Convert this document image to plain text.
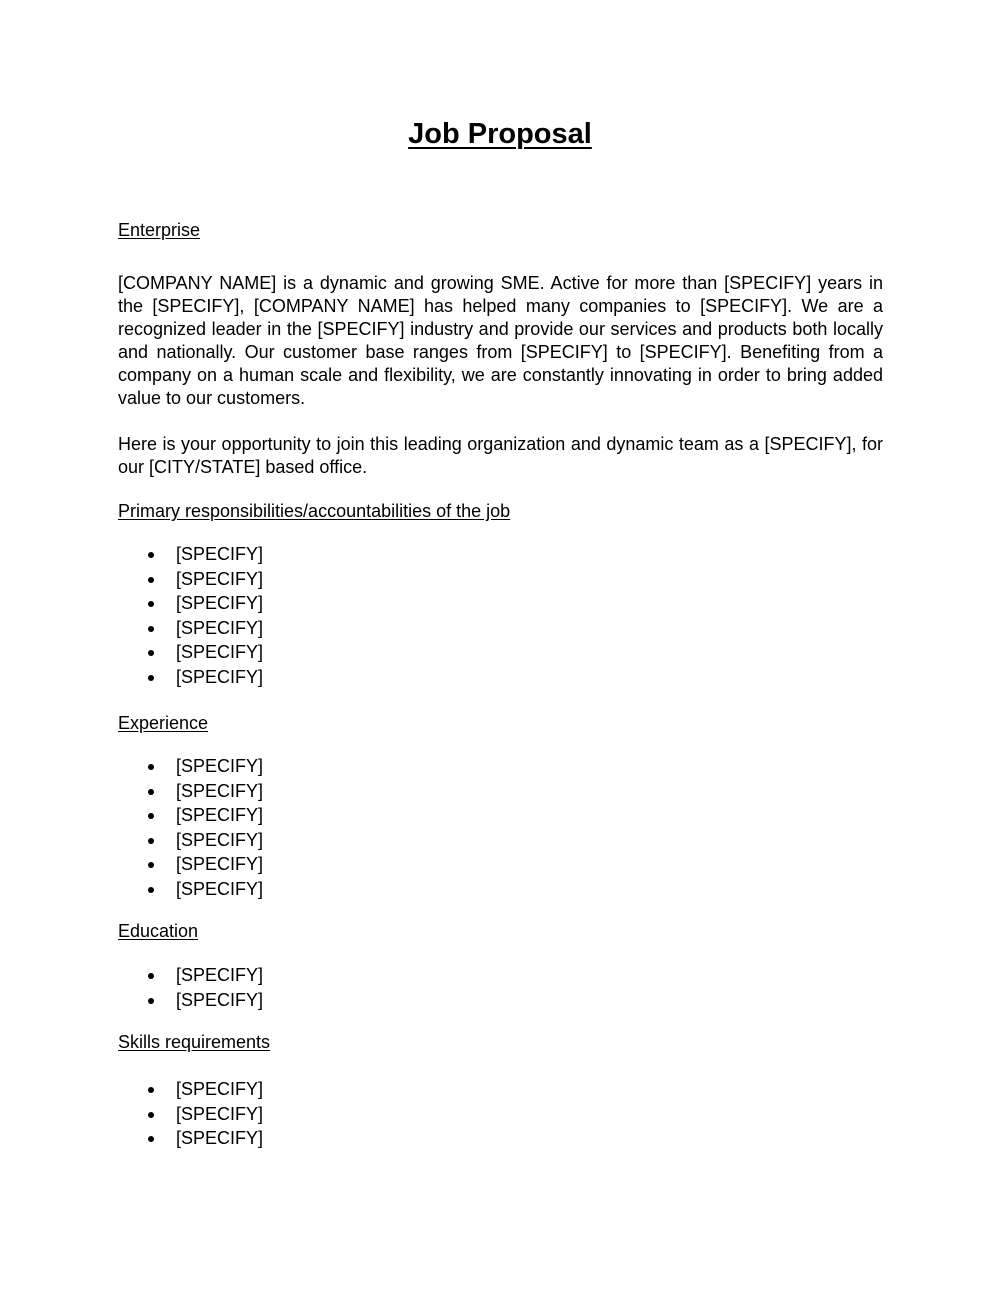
Job Proposal
Enterprise
[COMPANY NAME] is a dynamic and growing SME. Active for more than [SPECIFY] years in the [SPECIFY], [COMPANY NAME] has helped many companies to [SPECIFY]. We are a recognized leader in the [SPECIFY] industry and provide our services and products both locally and nationally. Our customer base ranges from [SPECIFY] to [SPECIFY]. Benefiting from a company on a human scale and flexibility, we are constantly innovating in order to bring added value to our customers.
Here is your opportunity to join this leading organization and dynamic team as a [SPECIFY], for our [CITY/STATE] based office.
Primary responsibilities/accountabilities of the job
[SPECIFY]
[SPECIFY]
[SPECIFY]
[SPECIFY]
[SPECIFY]
[SPECIFY]
Experience
[SPECIFY]
[SPECIFY]
[SPECIFY]
[SPECIFY]
[SPECIFY]
[SPECIFY]
Education
[SPECIFY]
[SPECIFY]
Skills requirements
[SPECIFY]
[SPECIFY]
[SPECIFY]
